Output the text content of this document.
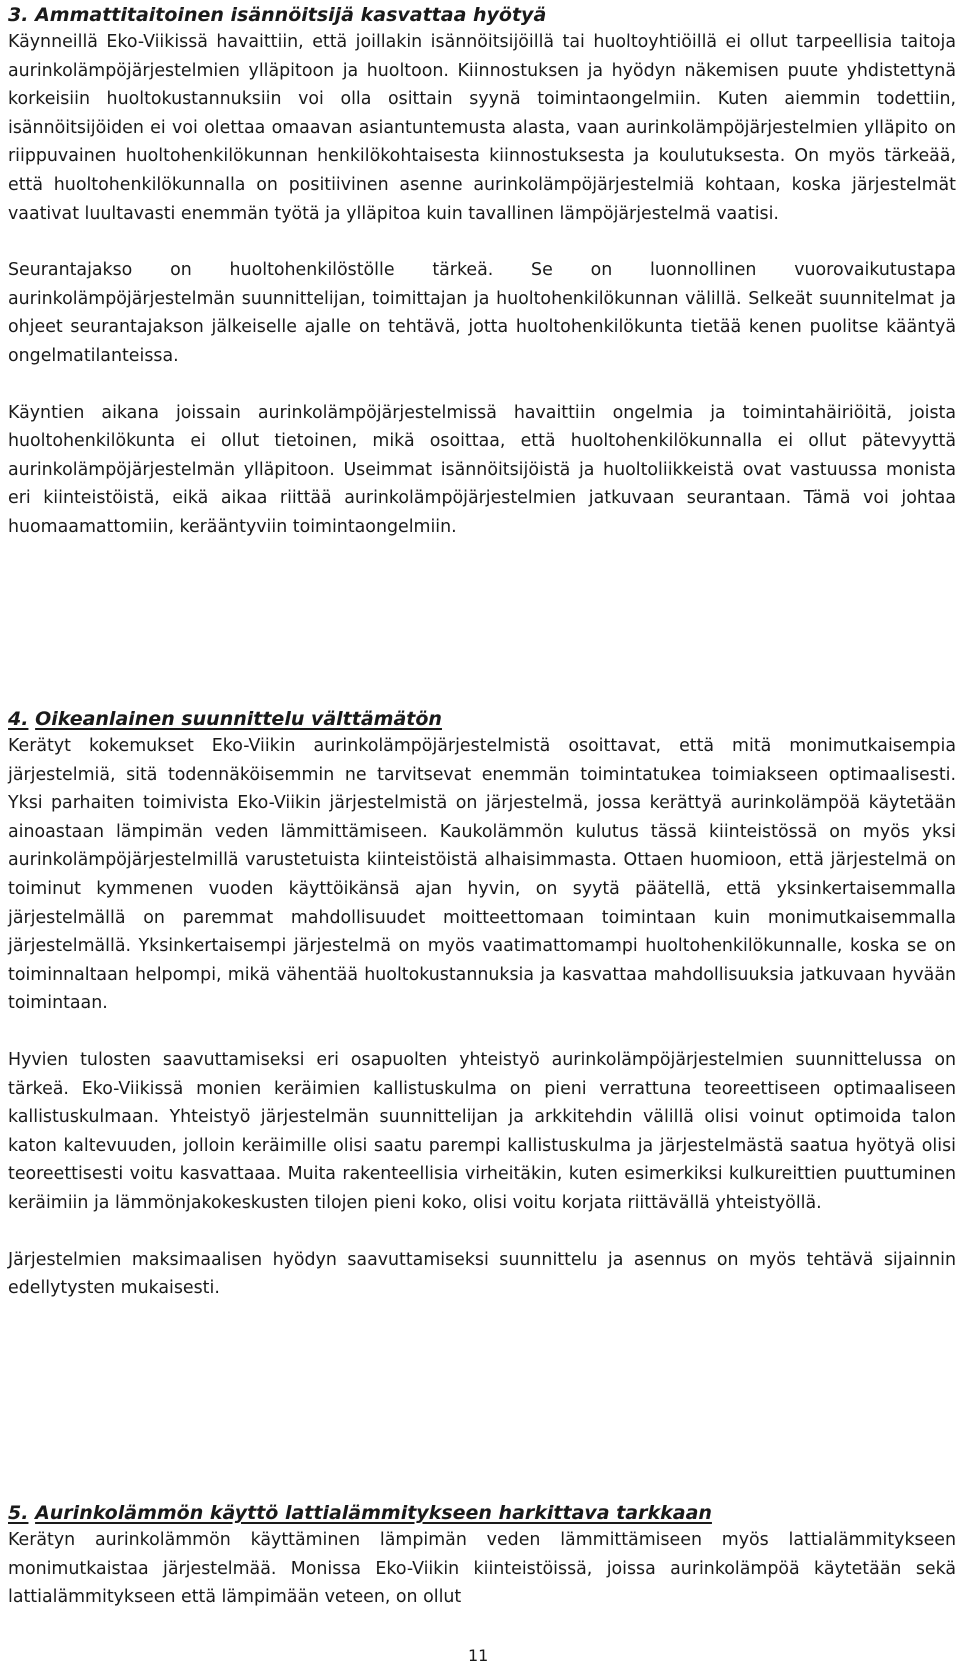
3. Ammattitaitoinen isännöitsijä kasvattaa hyötyä

Käynneillä Eko-Viikissä havaittiin, että joillakin isännöitsijöillä tai huoltoyhtiöillä ei ollut tarpeellisia taitoja aurinkolämpöjärjestelmien ylläpitoon ja huoltoon. Kiinnostuksen ja hyödyn näkemisen puute yhdistettynä korkeisiin huoltokustannuksiin voi olla osittain syynä toimintaongelmiin. Kuten aiemmin todettiin, isännöitsijöiden ei voi olettaa omaavan asiantuntemusta alasta, vaan aurinkolämpöjärjestelmien ylläpito on riippuvainen huoltohenkilökunnan henkilökohtaisesta kiinnostuksesta ja koulutuksesta. On myös tärkeää, että huoltohenkilökunnalla on positiivinen asenne aurinkolämpöjärjestelmiä kohtaan, koska järjestelmät vaativat luultavasti enemmän työtä ja ylläpitoa kuin tavallinen lämpöjärjestelmä vaatisi.

Seurantajakso on huoltohenkilöstölle tärkeä. Se on luonnollinen vuorovaikutustapa aurinkolämpöjärjestelmän suunnittelijan, toimittajan ja huoltohenkilökunnan välillä. Selkeät suunnitelmat ja ohjeet seurantajakson jälkeiselle ajalle on tehtävä, jotta huoltohenkilökunta tietää kenen puolitse kääntyä ongelmatilanteissa.

Käyntien aikana joissain aurinkolämpöjärjestelmissä havaittiin ongelmia ja toimintahäiriöitä, joista huoltohenkilökunta ei ollut tietoinen, mikä osoittaa, että huoltohenkilökunnalla ei ollut pätevyyttä aurinkolämpöjärjestelmän ylläpitoon. Useimmat isännöitsijöistä ja huoltoliikkeistä ovat vastuussa monista eri kiinteistöistä, eikä aikaa riittää aurinkolämpöjärjestelmien jatkuvaan seurantaan. Tämä voi johtaa huomaamattomiin, kerääntyviin toimintaongelmiin.

4. Oikeanlainen suunnittelu välttämätön

Kerätyt kokemukset Eko-Viikin aurinkolämpöjärjestelmistä osoittavat, että mitä monimutkaisempia järjestelmiä, sitä todennäköisemmin ne tarvitsevat enemmän toimintatukea toimiakseen optimaalisesti. Yksi parhaiten toimivista Eko-Viikin järjestelmistä on järjestelmä, jossa kerättyä aurinkolämpöä käytetään ainoastaan lämpimän veden lämmittämiseen. Kaukolämmön kulutus tässä kiinteistössä on myös yksi aurinkolämpöjärjestelmillä varustetuista kiinteistöistä alhaisimmasta. Ottaen huomioon, että järjestelmä on toiminut kymmenen vuoden käyttöikänsä ajan hyvin, on syytä päätellä, että yksinkertaisemmalla järjestelmällä on paremmat mahdollisuudet moitteettomaan toimintaan kuin monimutkaisemmalla järjestelmällä. Yksinkertaisempi järjestelmä on myös vaatimattomampi huoltohenkilökunnalle, koska se on toiminnaltaan helpompi, mikä vähentää huoltokustannuksia ja kasvattaa mahdollisuuksia jatkuvaan hyvään toimintaan.

Hyvien tulosten saavuttamiseksi eri osapuolten yhteistyö aurinkolämpöjärjestelmien suunnittelussa on tärkeä. Eko-Viikissä monien keräimien kallistuskulma on pieni verrattuna teoreettiseen optimaaliseen kallistuskulmaan. Yhteistyö järjestelmän suunnittelijan ja arkkitehdin välillä olisi voinut optimoida talon katon kaltevuuden, jolloin keräimille olisi saatu parempi kallistuskulma ja järjestelmästä saatua hyötyä olisi teoreettisesti voitu kasvattaaa. Muita rakenteellisia virheitäkin, kuten esimerkiksi kulkureittien puuttuminen keräimiin ja lämmönjakokeskusten tilojen pieni koko, olisi voitu korjata riittävällä yhteistyöllä.

Järjestelmien maksimaalisen hyödyn saavuttamiseksi suunnittelu ja asennus on myös tehtävä sijainnin edellytysten mukaisesti.

5. Aurinkolämmön käyttö lattialämmitykseen harkittava tarkkaan

Kerätyn aurinkolämmön käyttäminen lämpimän veden lämmittämiseen myös lattialämmitykseen monimutkaistaa järjestelmää. Monissa Eko-Viikin kiinteistöissä, joissa aurinkolämpöä käytetään sekä lattialämmitykseen että lämpimään veteen, on ollut

11
